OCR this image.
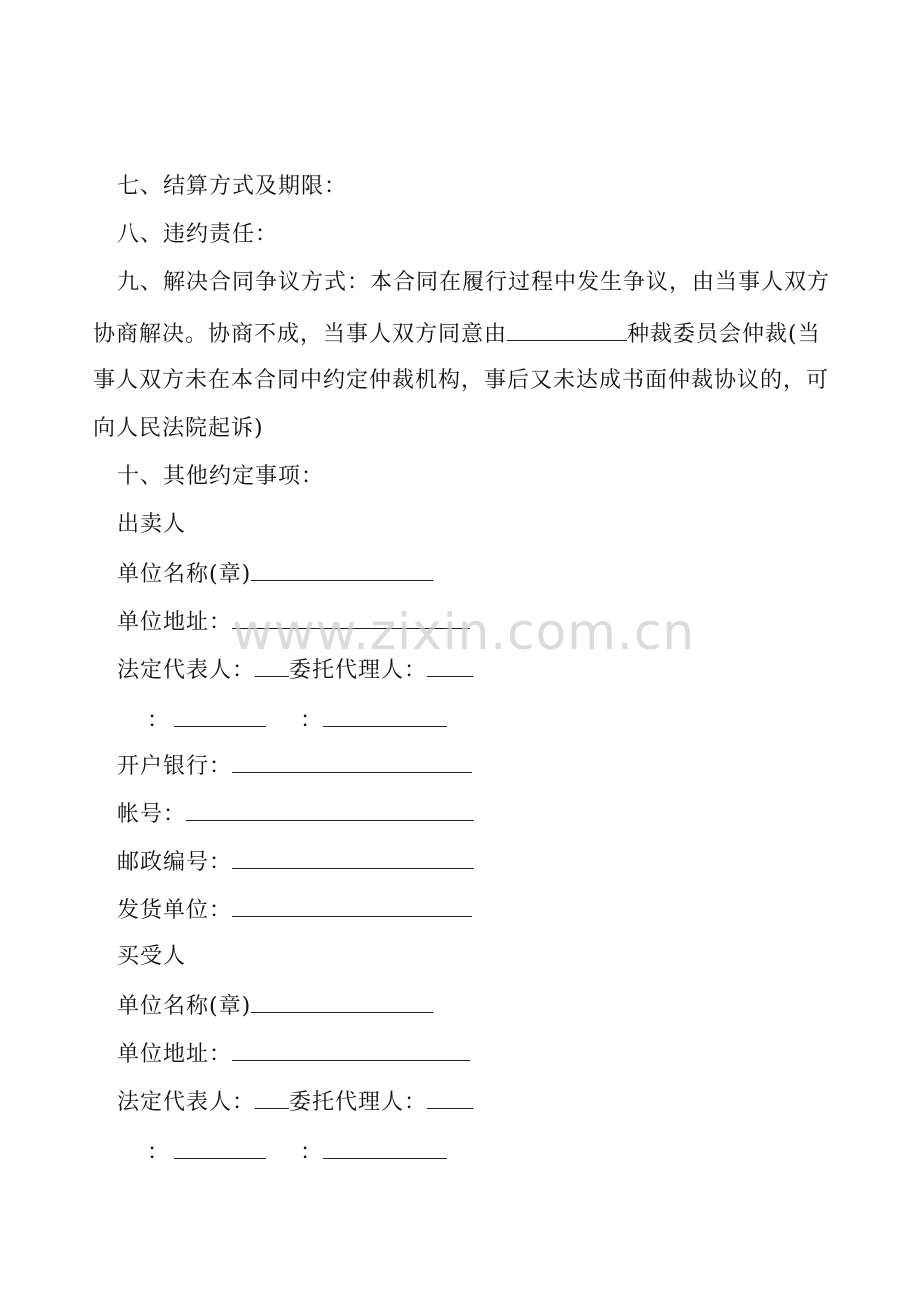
七、结算方式及期限：
八、违约责任：
九、解决合同争议方式：本合同在履行过程中发生争议，由当事人双方
协商解决。协商不成，当事人双方同意由	种裁委员会仲裁(当
事人双方未在本合同中约定仲裁机构，事后又未达成书面仲裁协议的，可
向人民法院起诉)
十、其他约定事项：
出卖人
单位名称(章)
单位地址：
法定代表人： 委托代理人：
：	：
开户银行：
帐号：
邮政编号：
发货单位：
买受人
单位名称(章)
单位地址：
法定代表人： 委托代理人：
：	：
www.zixin.com.cn
